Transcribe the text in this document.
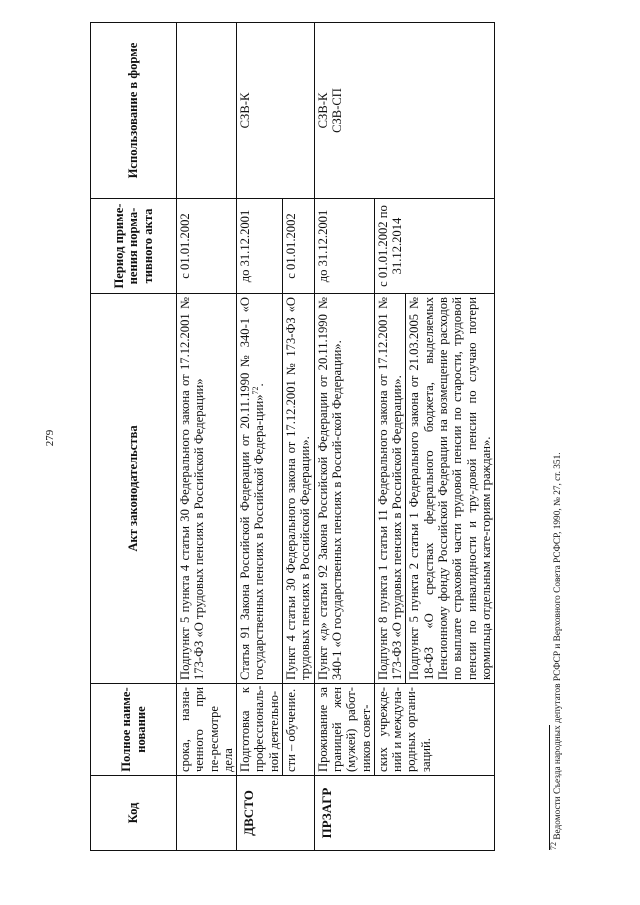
279
Код	Полное наиме-нование	Акт законодательства	Период приме-нения норма-тивного акта	Использование в форме
	срока, назна-ченного при пе-ресмотре дела	Подпункт 5 пункта 4 статьи 30 Федерального закона от 17.12.2001 № 173-ФЗ «О трудовых пенсиях в Российской Федерации»	с 01.01.2002	
ДВСТО	Подготовка к профессиональ-ной деятельно-	Статья 91 Закона Российской Федерации от 20.11.1990 № 340-1 «О государственных пенсиях в Российской Федера-ции»$^{72}$.	до 31.12.2001	СЗВ-К
	сти – обучение.	Пункт 4 статьи 30 Федерального закона от 17.12.2001 № 173-ФЗ «О трудовых пенсиях в Российской Федерации».	с 01.01.2002	
ПРЗАГР	Проживание за границей жен (мужей) работ-ников совет-	Пункт «д» статьи 92 Закона Российской Федерации от 20.11.1990 № 340-1 «О государственных пенсиях в Россий-ской Федерации».	до 31.12.2001	СЗВ-К СЗВ-СП

	ских учрежде-ний и междуна-родных органи-заций.	Подпункт 8 пункта 1 статьи 11 Федерального закона от 17.12.2001 № 173-ФЗ «О трудовых пенсиях в Российской Федерации».	с 01.01.2002 по 31.12.2014	
		Подпункт 5 пункта 2 статьи 1 Федерального закона от 21.03.2005 № 18-ФЗ «О средствах федерального бюджета, выделяемых Пенсионному фонду Российской Федерации на возмещение расходов по выплате страховой части трудовой пенсии по старости, трудовой пенсии по инвалидности и тру-довой пенсии по случаю потери кормильца отдельным кате-гориям граждан».		
$^{72}$ Ведомости Съезда народных депутатов РСФСР и Верховного Совета РСФСР, 1990, № 27, ст. 351.
